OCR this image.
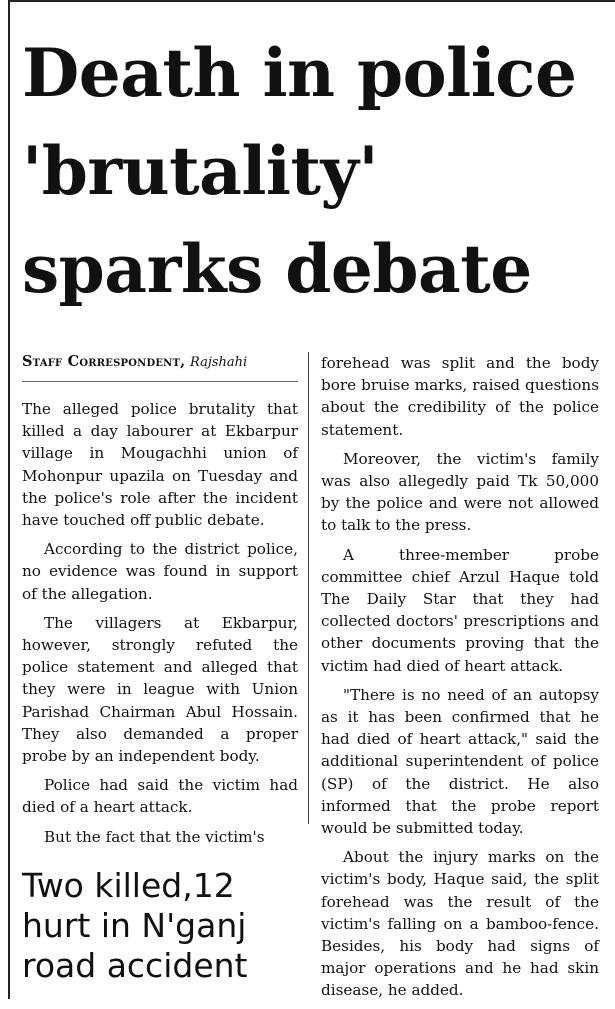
Death in police 'brutality' sparks debate
Staff Correspondent, Rajshahi

The alleged police brutality that killed a day labourer at Ekbarpur village in Mougachhi union of Mohonpur upazila on Tuesday and the police's role after the incident have touched off public debate.

According to the district police, no evidence was found in support of the allegation.

The villagers at Ekbarpur, however, strongly refuted the police statement and alleged that they were in league with Union Parishad Chairman Abul Hossain. They also demanded a proper probe by an independent body.

Police had said the victim had died of a heart attack.

But the fact that the victim's

forehead was split and the body bore bruise marks, raised questions about the credibility of the police statement.

Moreover, the victim's family was also allegedly paid Tk 50,000 by the police and were not allowed to talk to the press.

A three-member probe committee chief Arzul Haque told The Daily Star that they had collected doctors' prescriptions and other documents proving that the victim had died of heart attack.

"There is no need of an autopsy as it has been confirmed that he had died of heart attack," said the additional superintendent of police (SP) of the district. He also informed that the probe report would be submitted today.

About the injury marks on the victim's body, Haque said, the split forehead was the result of the victim's falling on a bamboo-fence. Besides, his body had signs of major operations and he had skin disease, he added.

Two killed,12 hurt in N'ganj road accident
